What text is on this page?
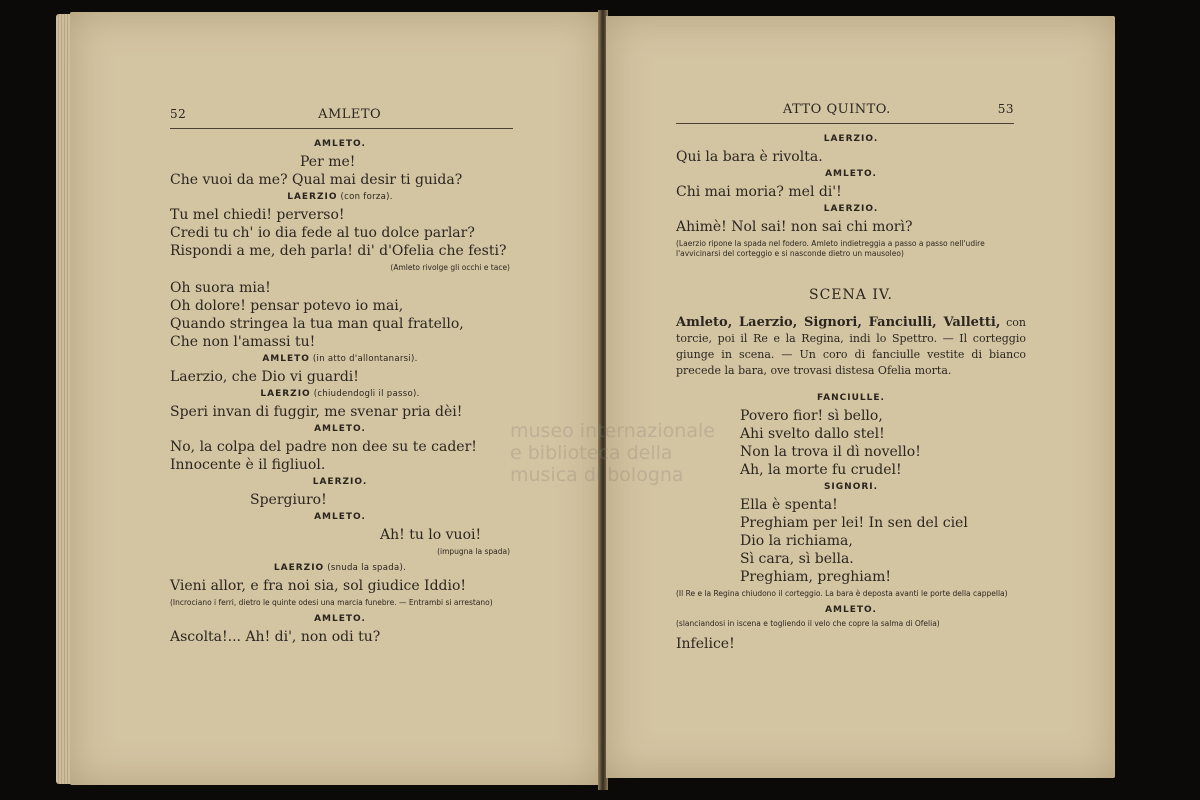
52	AMLETO
AMLETO.
Per me!
Che vuoi da me? Qual mai desir ti guida?
LAERZIO (con forza).
Tu mel chiedi! perverso!
Credi tu ch' io dia fede al tuo dolce parlar?
Rispondi a me, deh parla! di' d'Ofelia che festi?
(Amleto rivolge gli occhi e tace)
Oh suora mia!
Oh dolore! pensar potevo io mai,
Quando stringea la tua man qual fratello,
Che non l'amassi tu!
AMLETO (in atto d'allontanarsi).
Laerzio, che Dio vi guardi!
LAERZIO (chiudendogli il passo).
Speri invan di fuggir, me svenar pria dèi!
AMLETO.
No, la colpa del padre non dee su te cader!
Innocente è il figliuol.
LAERZIO.
Spergiuro!
AMLETO.
Ah! tu lo vuoi!
(impugna la spada)
LAERZIO (snuda la spada).
Vieni allor, e fra noi sia, sol giudice Iddio!
(Incrociano i ferri, dietro le quinte odesi una marcia funebre. — Entrambi si arrestano)
AMLETO.
Ascolta!... Ah! di', non odi tu?
ATTO QUINTO.	53
LAERZIO.
Qui la bara è rivolta.
AMLETO.
Chi mai moria? mel di'!
LAERZIO.
Ahimè! Nol sai! non sai chi morì?
(Laerzio ripone la spada nel fodero. Amleto indietreggia a passo a passo nell'udire l'avvicinarsi del corteggio e si nasconde dietro un mausoleo)
SCENA IV.
Amleto, Laerzio, Signori, Fanciulli, Valletti, con torcie, poi il Re e la Regina, indi lo Spettro. — Il corteggio giunge in scena. — Un coro di fanciulle vestite di bianco precede la bara, ove trovasi distesa Ofelia morta.
FANCIULLE.
Povero fior! sì bello,
Ahi svelto dallo stel!
Non la trova il dì novello!
Ah, la morte fu crudel!
SIGNORI.
Ella è spenta!
Preghiam per lei! In sen del ciel
Dio la richiama,
Sì cara, sì bella.
Preghiam, preghiam!
(Il Re e la Regina chiudono il corteggio. La bara è deposta avanti le porte della cappella)
AMLETO.
(slanciandosi in iscena e togliendo il velo che copre la salma di Ofelia)
Infelice!
museo internazionale e biblioteca della musica di bologna
